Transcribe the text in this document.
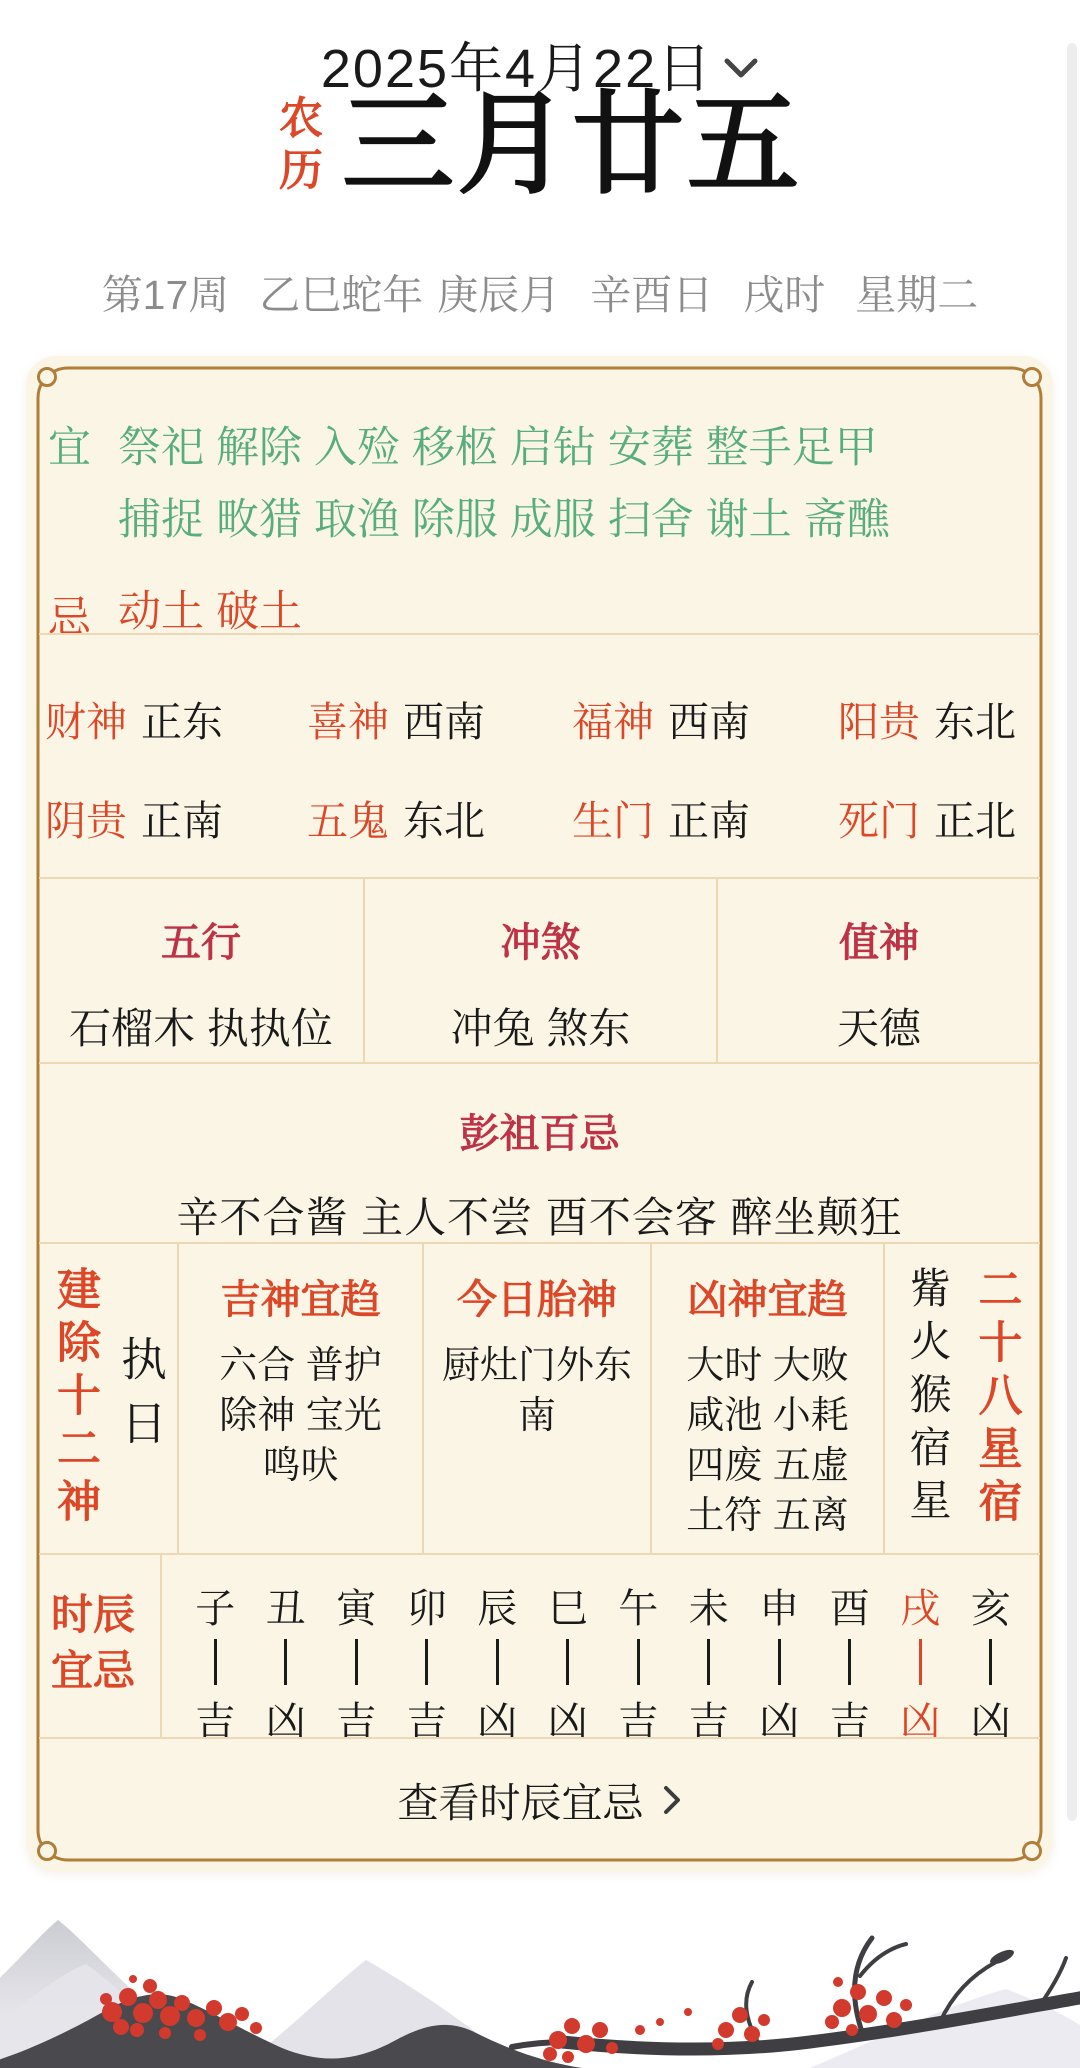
2025年4月22日
农历 三月廿五
第17周 乙巳蛇年 庚辰月 辛酉日 戌时 星期二
宜 祭祀 解除 入殓 移柩 启钻 安葬 整手足甲
捕捉 畋猎 取渔 除服 成服 扫舍 谢土 斋醮
忌 动土 破土
财神 正东 喜神 西南 福神 西南 阳贵 东北
阴贵 正南 五鬼 东北 生门 正南 死门 正北
五行
石榴木 执执位
冲煞
冲兔 煞东
值神
天德
彭祖百忌
辛不合酱 主人不尝 酉不会客 醉坐颠狂
建除十二神 执日
吉神宜趋
六合 普护
除神 宝光
鸣吠
今日胎神
厨灶门外东
南
凶神宜趋
大时 大败
咸池 小耗
四废 五虚
土符 五离	觜火猴宿星 二十八星宿
时辰
宜忌
子
吉
丑
凶
寅
吉
卯
吉
辰
凶
巳
凶
午
吉
未
吉
申
凶
酉
吉
戌
凶
亥
凶
查看时辰宜忌
